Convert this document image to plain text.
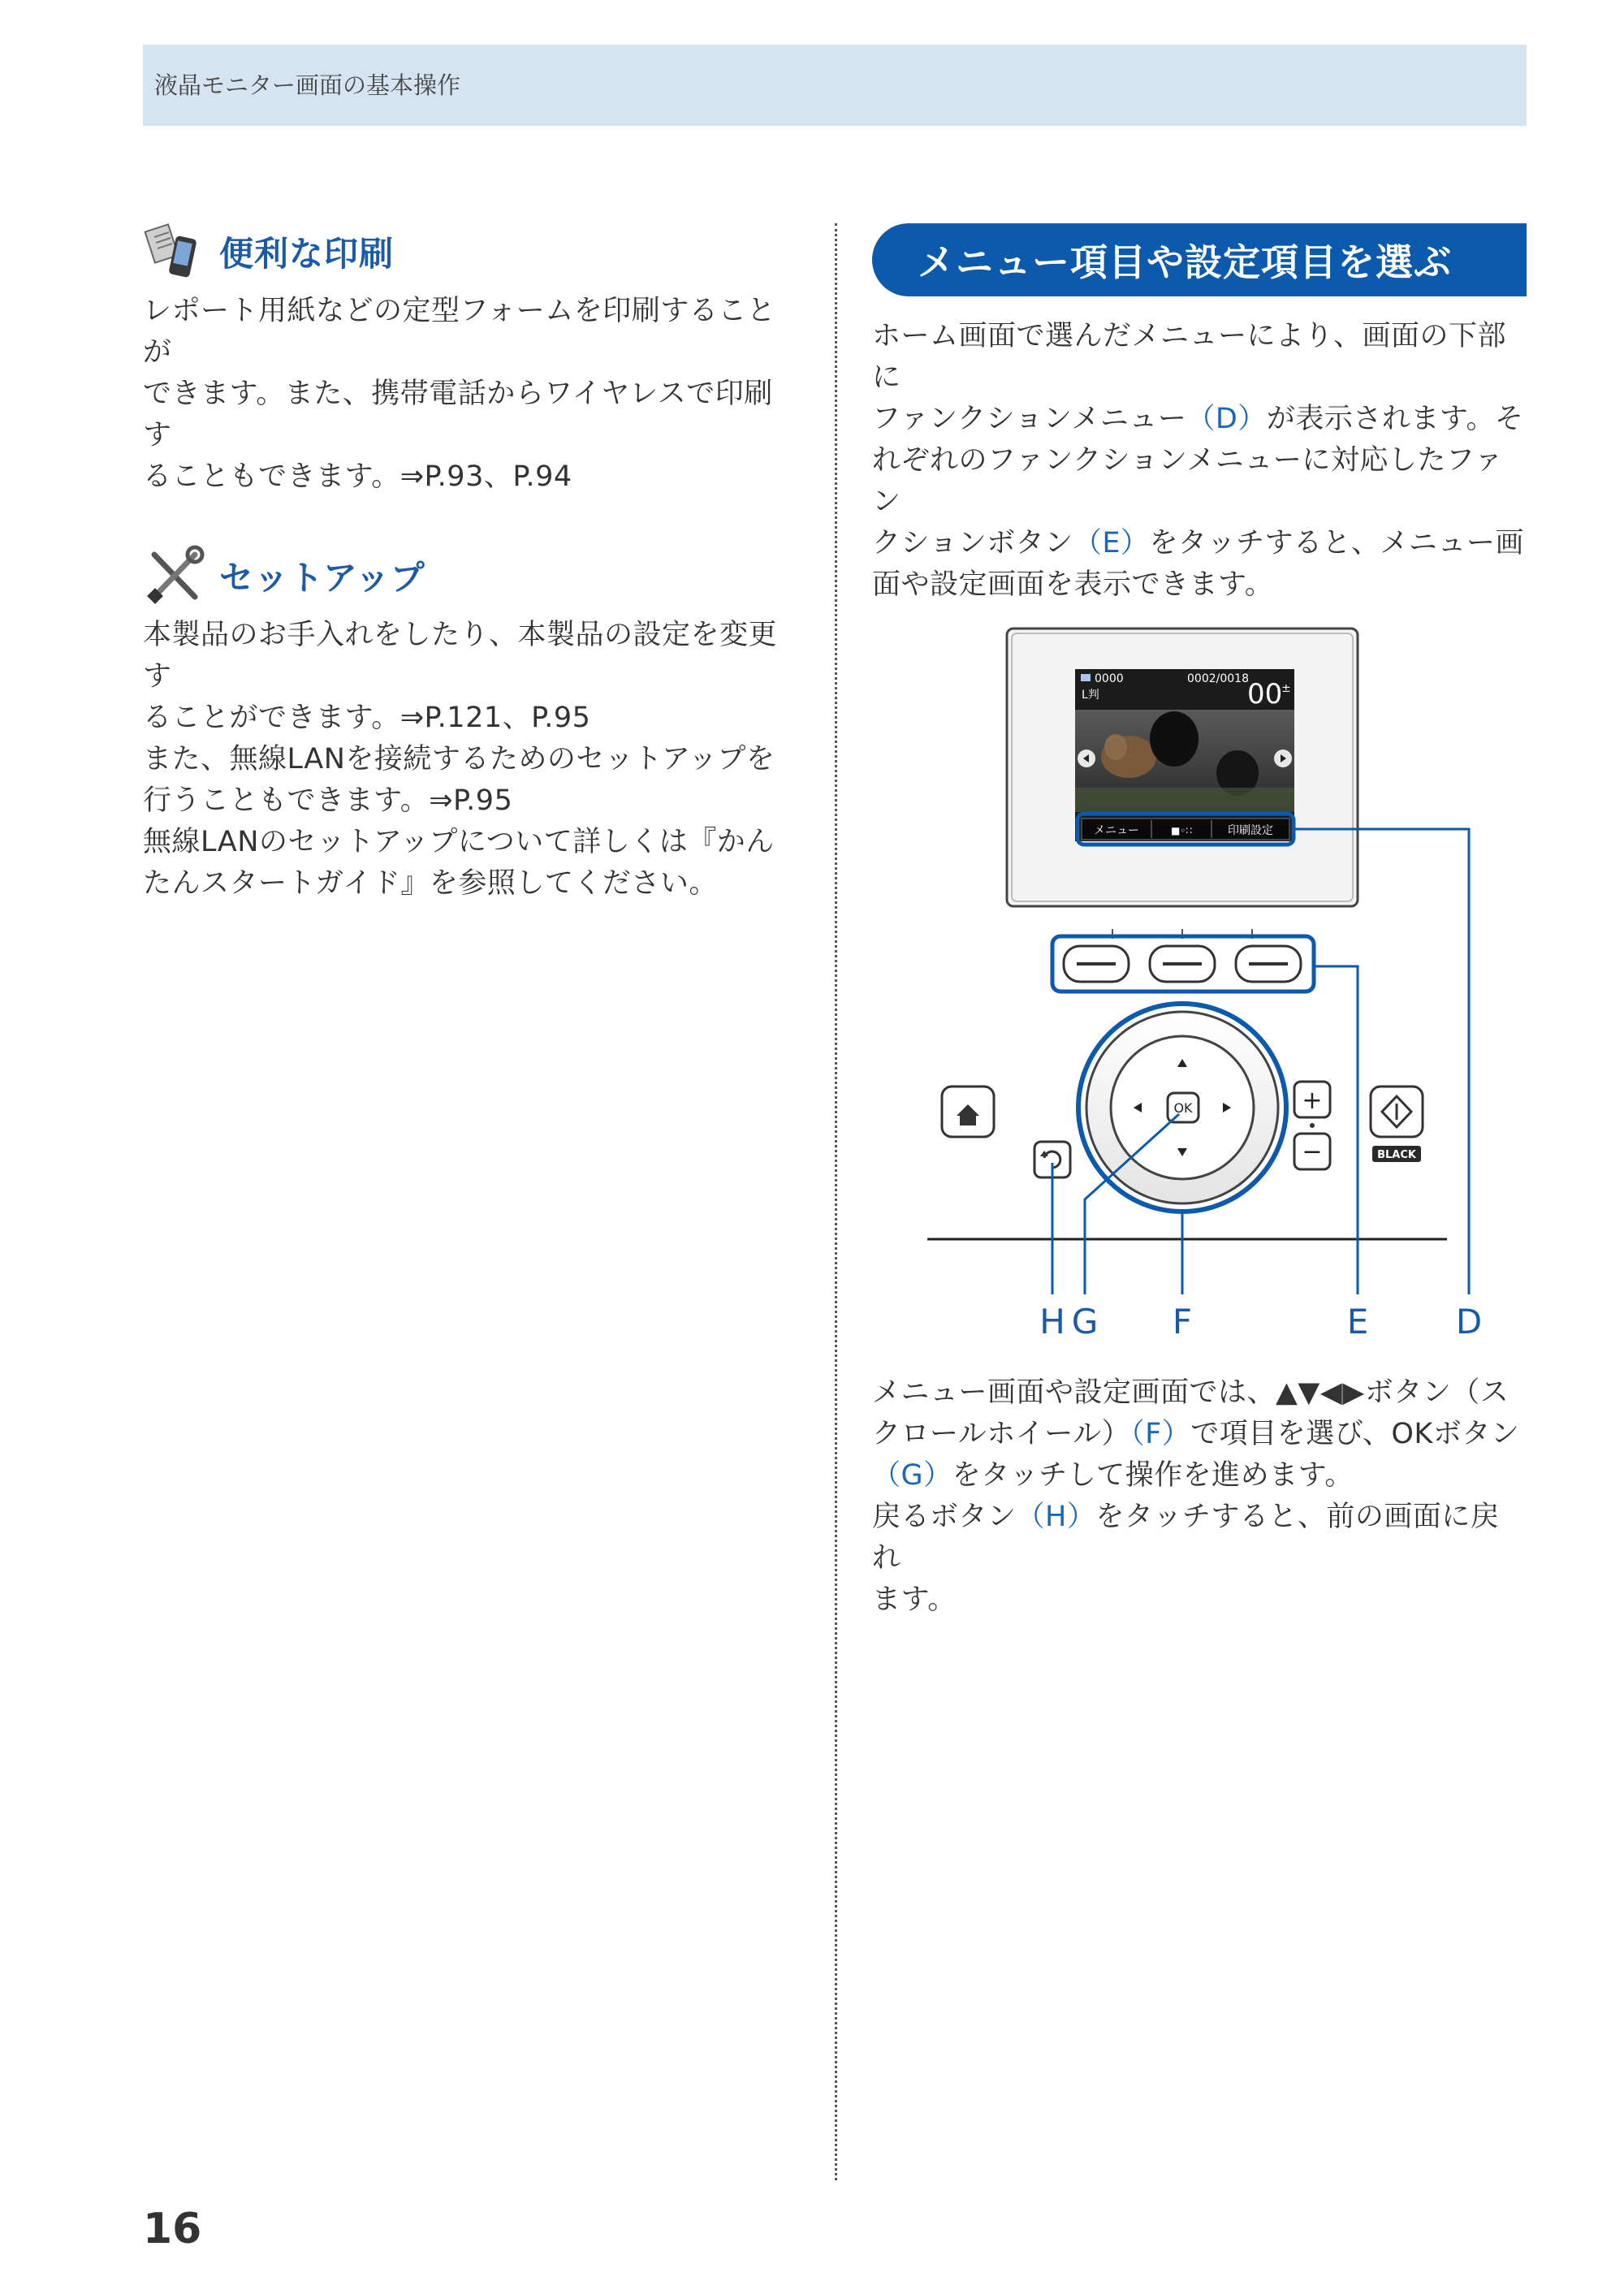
液晶モニター画面の基本操作
便利な印刷

レポート用紙などの定型フォームを印刷することが

できます。また、携帯電話からワイヤレスで印刷す

ることもできます。⇒P.93、P.94

セットアップ

本製品のお手入れをしたり、本製品の設定を変更す

ることができます。⇒P.121、P.95

また、無線LANを接続するためのセットアップを

行うこともできます。⇒P.95

無線LANのセットアップについて詳しくは『かん

たんスタートガイド』を参照してください。

メニュー項目や設定項目を選ぶ

ホーム画面で選んだメニューにより、画面の下部に

ファンクションメニュー（D）が表示されます。そ

れぞれのファンクションメニューに対応したファン

クションボタン（E）をタッチすると、メニュー画

面や設定画面を表示できます。

0000
L判
0002/0018
00
±
メニュー	■◦∷	印刷設定
OK	+
−	BLACK
H G F	E	D

メニュー画面や設定画面では、▲▼◀▶ボタン（ス

クロールホイール）（F）で項目を選び、OKボタン

（G）をタッチして操作を進めます。

戻るボタン（H）をタッチすると、前の画面に戻れ

ます。

16
